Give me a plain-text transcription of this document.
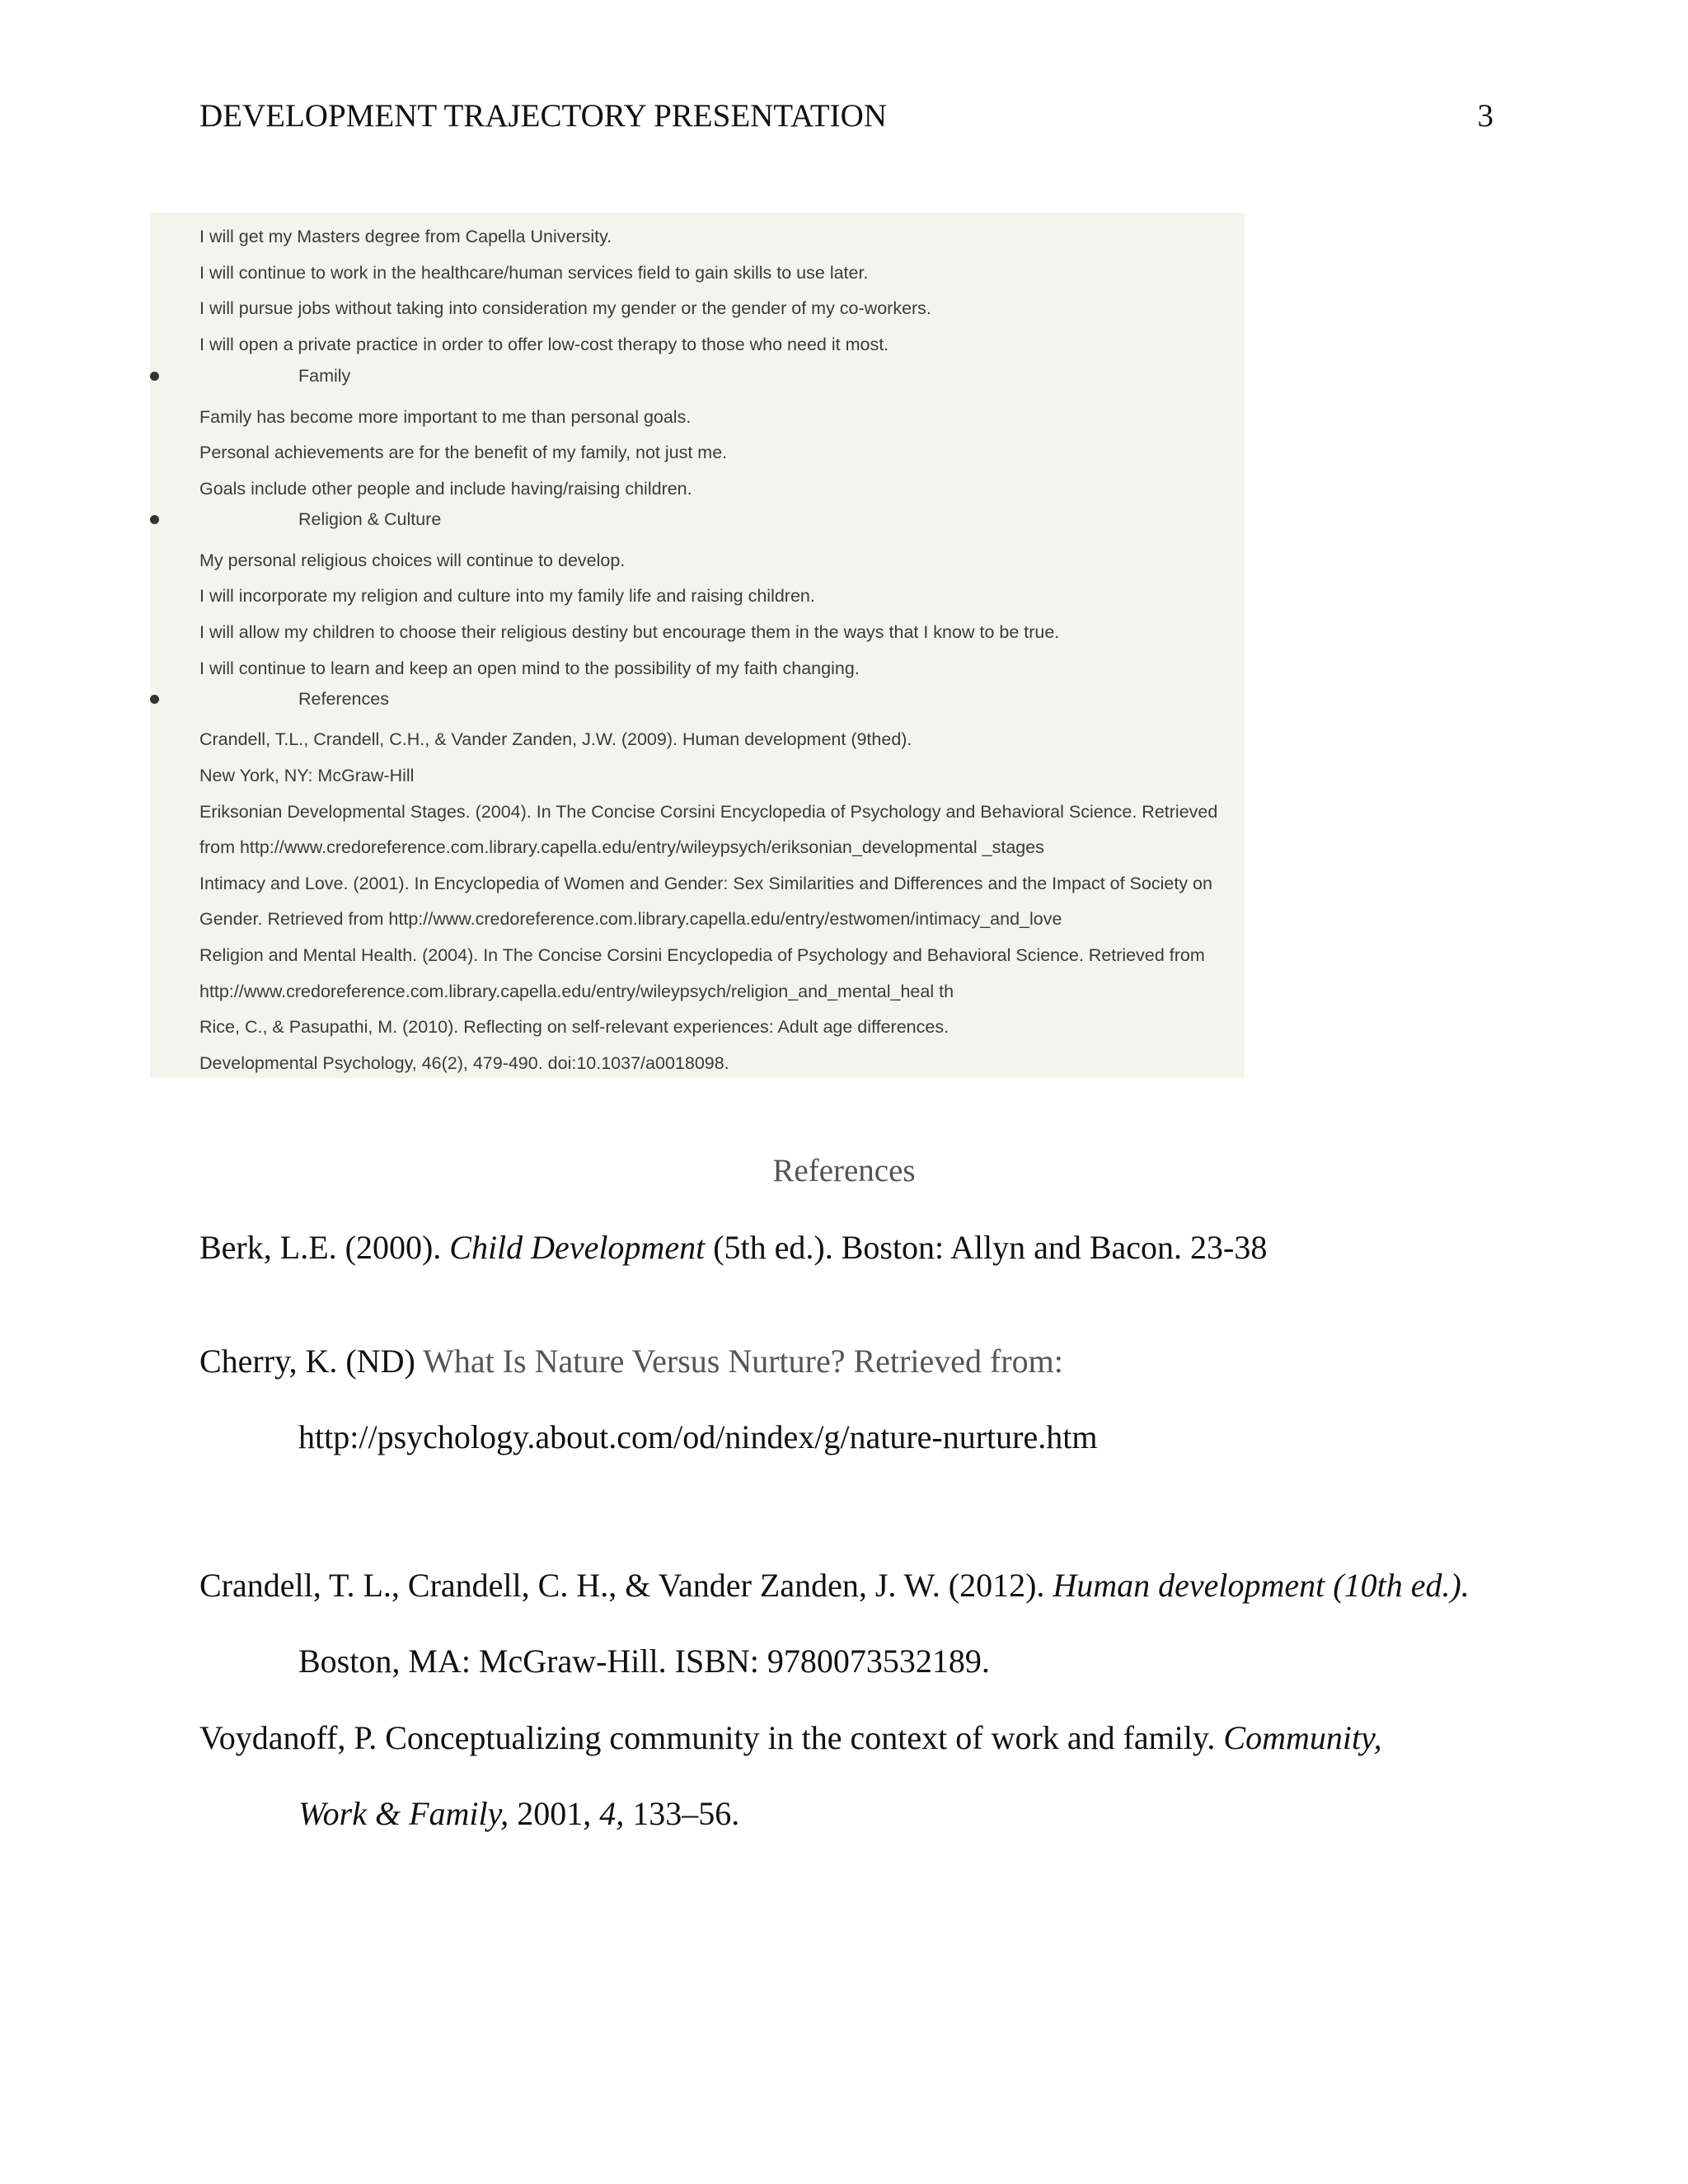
DEVELOPMENT TRAJECTORY PRESENTATION	3
I will get my Masters degree from Capella University.
I will continue to work in the healthcare/human services field to gain skills to use later.
I will pursue jobs without taking into consideration my gender or the gender of my co-workers.
I will open a private practice in order to offer low-cost therapy to those who need it most.
Family
Family has become more important to me than personal goals.
Personal achievements are for the benefit of my family, not just me.
Goals include other people and include having/raising children.
Religion & Culture
My personal religious choices will continue to develop.
I will incorporate my religion and culture into my family life and raising children.
I will allow my children to choose their religious destiny but encourage them in the ways that I know to be true.
I will continue to learn and keep an open mind to the possibility of my faith changing.
References
Crandell, T.L., Crandell, C.H., & Vander Zanden, J.W. (2009). Human development (9thed).
New York, NY: McGraw-Hill
Eriksonian Developmental Stages. (2004). In The Concise Corsini Encyclopedia of Psychology and Behavioral Science. Retrieved
from http://www.credoreference.com.library.capella.edu/entry/wileypsych/eriksonian_developmental _stages
Intimacy and Love. (2001). In Encyclopedia of Women and Gender: Sex Similarities and Differences and the Impact of Society on
Gender. Retrieved from http://www.credoreference.com.library.capella.edu/entry/estwomen/intimacy_and_love
Religion and Mental Health. (2004). In The Concise Corsini Encyclopedia of Psychology and Behavioral Science. Retrieved from
http://www.credoreference.com.library.capella.edu/entry/wileypsych/religion_and_mental_heal th
Rice, C., & Pasupathi, M. (2010). Reflecting on self-relevant experiences: Adult age differences.
Developmental Psychology, 46(2), 479-490. doi:10.1037/a0018098.
References
Berk, L.E. (2000). Child Development (5th ed.). Boston: Allyn and Bacon. 23-38
Cherry, K. (ND) What Is Nature Versus Nurture? Retrieved from:
http://psychology.about.com/od/nindex/g/nature-nurture.htm
Crandell, T. L., Crandell, C. H., & Vander Zanden, J. W. (2012). Human development (10th ed.).
Boston, MA: McGraw-Hill. ISBN: 9780073532189.
Voydanoff, P. Conceptualizing community in the context of work and family. Community,
Work & Family, 2001, 4, 133–56.
